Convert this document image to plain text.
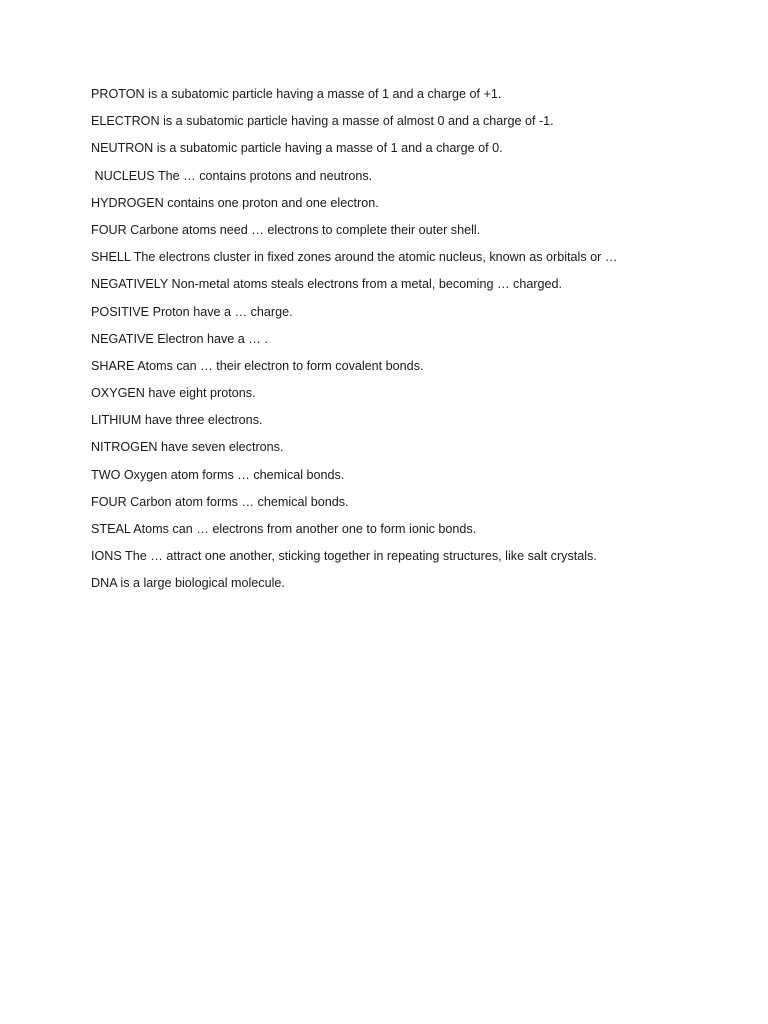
PROTON is a subatomic particle having a masse of 1 and a charge of +1.
ELECTRON is a subatomic particle having a masse of almost 0 and a charge of -1.
NEUTRON is a subatomic particle having a masse of 1 and a charge of 0.
NUCLEUS The … contains protons and neutrons.
HYDROGEN contains one proton and one electron.
FOUR Carbone atoms need … electrons to complete their outer shell.
SHELL The electrons cluster in fixed zones around the atomic nucleus, known as orbitals or …
NEGATIVELY Non-metal atoms steals electrons from a metal, becoming … charged.
POSITIVE Proton have a … charge.
NEGATIVE Electron have a … .
SHARE Atoms can … their electron to form covalent bonds.
OXYGEN have eight protons.
LITHIUM have three electrons.
NITROGEN have seven electrons.
TWO Oxygen atom forms … chemical bonds.
FOUR Carbon atom forms … chemical bonds.
STEAL Atoms can … electrons from another one to form ionic bonds.
IONS The … attract one another, sticking together in repeating structures, like salt crystals.
DNA is a large biological molecule.
